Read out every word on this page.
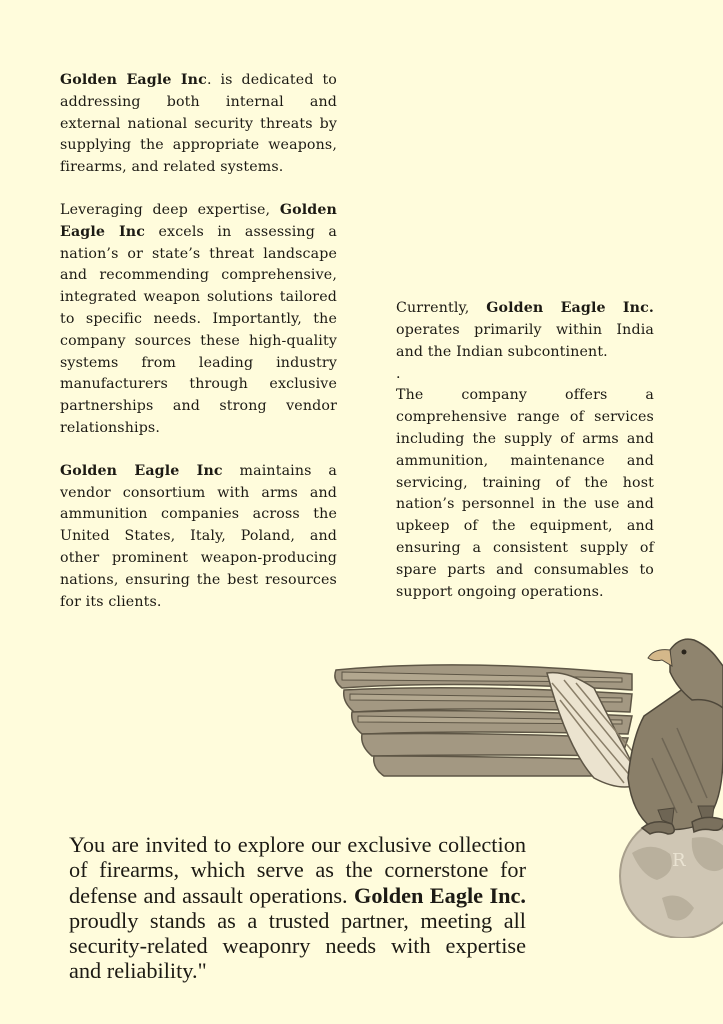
Golden Eagle Inc. is dedicated to addressing both internal and external national security threats by supplying the appropriate weapons, firearms, and related systems.

Leveraging deep expertise, Golden Eagle Inc excels in assessing a nation’s or state’s threat landscape and recommending comprehensive, integrated weapon solutions tailored to specific needs. Importantly, the company sources these high-quality systems from leading industry manufacturers through exclusive partnerships and strong vendor relationships.

Golden Eagle Inc maintains a vendor consortium with arms and ammunition companies across the United States, Italy, Poland, and other prominent weapon-producing nations, ensuring the best resources for its clients.

Currently, Golden Eagle Inc. operates primarily within India and the Indian subcontinent.

.

The company offers a comprehensive range of services including the supply of arms and ammunition, maintenance and servicing, training of the host nation’s personnel in the use and upkeep of the equipment, and ensuring a consistent supply of spare parts and consumables to support ongoing operations.

R
You are invited to explore our exclusive collection of firearms, which serve as the cornerstone for defense and assault operations. Golden Eagle Inc. proudly stands as a trusted partner, meeting all security-related weaponry needs with expertise and reliability."
